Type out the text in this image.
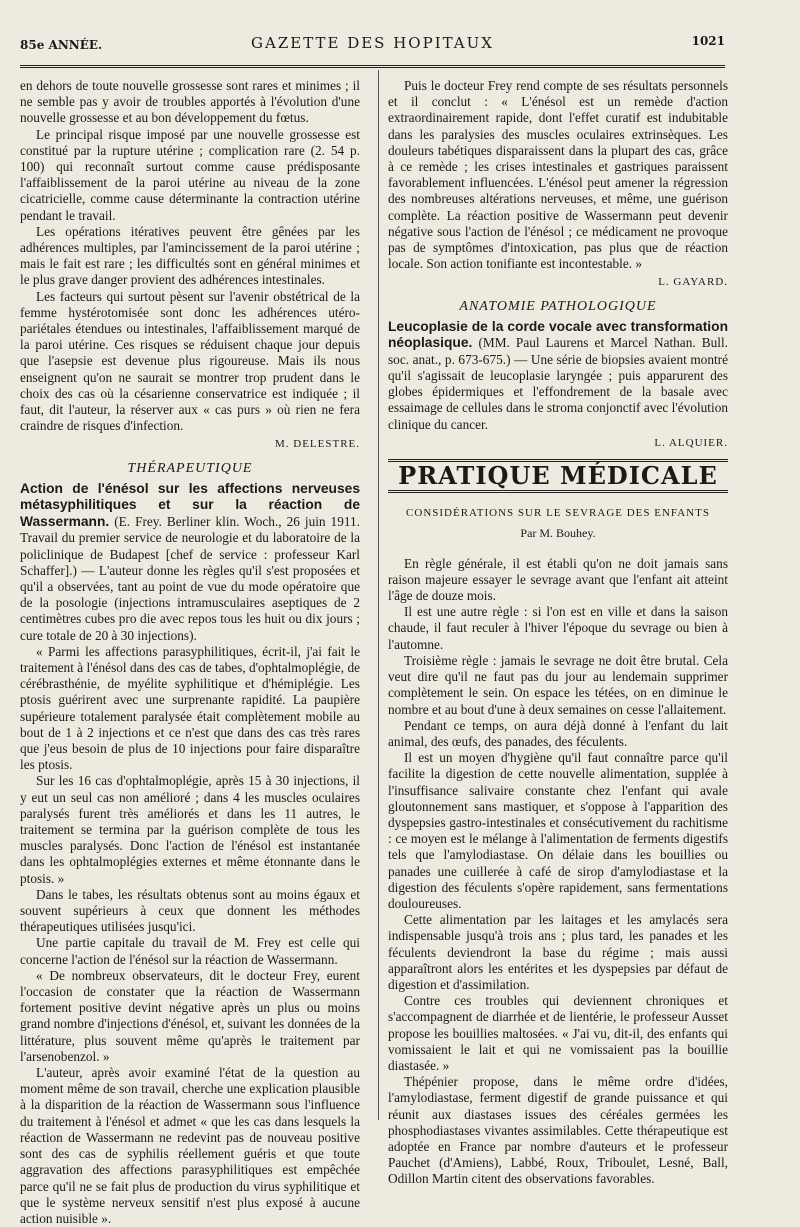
85e ANNÉE.	GAZETTE DES HOPITAUX	1021

en dehors de toute nouvelle grossesse sont rares et minimes ; il ne semble pas y avoir de troubles apportés à l'évolution d'une nouvelle grossesse et au bon développement du fœtus.

Le principal risque imposé par une nouvelle grossesse est constitué par la rupture utérine ; complication rare (2. 54 p. 100) qui reconnaît surtout comme cause prédisposante l'affaiblissement de la paroi utérine au niveau de la zone cicatricielle, comme cause déterminante la contraction utérine pendant le travail.

Les opérations itératives peuvent être gênées par les adhérences multiples, par l'amincissement de la paroi utérine ; mais le fait est rare ; les difficultés sont en général minimes et le plus grave danger provient des adhérences intestinales.

Les facteurs qui surtout pèsent sur l'avenir obstétrical de la femme hystérotomisée sont donc les adhérences utéro-pariétales étendues ou intestinales, l'affaiblissement marqué de la paroi utérine. Ces risques se réduisent chaque jour depuis que l'asepsie est devenue plus rigoureuse. Mais ils nous enseignent qu'on ne saurait se montrer trop prudent dans le choix des cas où la césarienne conservatrice est indiquée ; il faut, dit l'auteur, la réserver aux « cas purs » où rien ne fera craindre de risques d'infection.

M. DELESTRE.
THÉRAPEUTIQUE

Action de l'énésol sur les affections nerveuses métasyphilitiques et sur la réaction de Wassermann. (E. Frey. Berliner klin. Woch., 26 juin 1911. Travail du premier service de neurologie et du laboratoire de la policlinique de Budapest [chef de service : professeur Karl Schaffer].) — L'auteur donne les règles qu'il s'est proposées et qu'il a observées, tant au point de vue du mode opératoire que de la posologie (injections intramusculaires aseptiques de 2 centimètres cubes pro die avec repos tous les huit ou dix jours ; cure totale de 20 à 30 injections).

« Parmi les affections parasyphilitiques, écrit-il, j'ai fait le traitement à l'énésol dans des cas de tabes, d'ophtalmoplégie, de cérébrasthénie, de myélite syphilitique et d'hémiplégie. Les ptosis guérirent avec une surprenante rapidité. La paupière supérieure totalement paralysée était complètement mobile au bout de 1 à 2 injections et ce n'est que dans des cas très rares que j'eus besoin de plus de 10 injections pour faire disparaître les ptosis.

Sur les 16 cas d'ophtalmoplégie, après 15 à 30 injections, il y eut un seul cas non amélioré ; dans 4 les muscles oculaires paralysés furent très améliorés et dans les 11 autres, le traitement se termina par la guérison complète de tous les muscles paralysés. Donc l'action de l'énésol est instantanée dans les ophtalmoplégies externes et même étonnante dans le ptosis. »

Dans le tabes, les résultats obtenus sont au moins égaux et souvent supérieurs à ceux que donnent les méthodes thérapeutiques utilisées jusqu'ici.

Une partie capitale du travail de M. Frey est celle qui concerne l'action de l'énésol sur la réaction de Wassermann.

« De nombreux observateurs, dit le docteur Frey, eurent l'occasion de constater que la réaction de Wassermann fortement positive devint négative après un plus ou moins grand nombre d'injections d'énésol, et, suivant les données de la littérature, plus souvent même qu'après le traitement par l'arsenobenzol. »

L'auteur, après avoir examiné l'état de la question au moment même de son travail, cherche une explication plausible à la disparition de la réaction de Wassermann sous l'influence du traitement à l'énésol et admet « que les cas dans lesquels la réaction de Wassermann ne redevint pas de nouveau positive sont des cas de syphilis réellement guéris et que toute aggravation des affections parasyphilitiques est empêchée parce qu'il ne se fait plus de production du virus syphilitique et que le système nerveux sensitif n'est plus exposé à aucune action nuisible ».

Puis le docteur Frey rend compte de ses résultats personnels et il conclut : « L'énésol est un remède d'action extraordinairement rapide, dont l'effet curatif est indubitable dans les paralysies des muscles oculaires extrinsèques. Les douleurs tabétiques disparaissent dans la plupart des cas, grâce à ce remède ; les crises intestinales et gastriques paraissent favorablement influencées. L'énésol peut amener la régression des nombreuses altérations nerveuses, et même, une guérison complète. La réaction positive de Wassermann peut devenir négative sous l'action de l'énésol ; ce médicament ne provoque pas de symptômes d'intoxication, pas plus que de réaction locale. Son action tonifiante est incontestable. »

L. GAYARD.
ANATOMIE PATHOLOGIQUE

Leucoplasie de la corde vocale avec transformation néoplasique. (MM. Paul Laurens et Marcel Nathan. Bull. soc. anat., p. 673-675.) — Une série de biopsies avaient montré qu'il s'agissait de leucoplasie laryngée ; puis apparurent des globes épidermiques et l'effondrement de la basale avec essaimage de cellules dans le stroma conjonctif avec l'évolution clinique du cancer.

L. ALQUIER.
PRATIQUE MÉDICALE
CONSIDÉRATIONS SUR LE SEVRAGE DES ENFANTS
Par M. Bouhey.

En règle générale, il est établi qu'on ne doit jamais sans raison majeure essayer le sevrage avant que l'enfant ait atteint l'âge de douze mois.

Il est une autre règle : si l'on est en ville et dans la saison chaude, il faut reculer à l'hiver l'époque du sevrage ou bien à l'automne.

Troisième règle : jamais le sevrage ne doit être brutal. Cela veut dire qu'il ne faut pas du jour au lendemain supprimer complètement le sein. On espace les tétées, on en diminue le nombre et au bout d'une à deux semaines on cesse l'allaitement.

Pendant ce temps, on aura déjà donné à l'enfant du lait animal, des œufs, des panades, des féculents.

Il est un moyen d'hygiène qu'il faut connaître parce qu'il facilite la digestion de cette nouvelle alimentation, supplée à l'insuffisance salivaire constante chez l'enfant qui avale gloutonnement sans mastiquer, et s'oppose à l'apparition des dyspepsies gastro-intestinales et consécutivement du rachitisme : ce moyen est le mélange à l'alimentation de ferments digestifs tels que l'amylodiastase. On délaie dans les bouillies ou panades une cuillerée à café de sirop d'amylodiastase et la digestion des féculents s'opère rapidement, sans fermentations douloureuses.

Cette alimentation par les laitages et les amylacés sera indispensable jusqu'à trois ans ; plus tard, les panades et les féculents deviendront la base du régime ; mais aussi apparaîtront alors les entérites et les dyspepsies par défaut de digestion et d'assimilation.

Contre ces troubles qui deviennent chroniques et s'accompagnent de diarrhée et de lientérie, le professeur Ausset propose les bouillies maltosées. « J'ai vu, dit-il, des enfants qui vomissaient le lait et qui ne vomissaient pas la bouillie diastasée. »

Thépénier propose, dans le même ordre d'idées, l'amylodiastase, ferment digestif de grande puissance et qui réunit aux diastases issues des céréales germées les phosphodiastases vivantes assimilables. Cette thérapeutique est adoptée en France par nombre d'auteurs et le professeur Pauchet (d'Amiens), Labbé, Roux, Triboulet, Lesné, Ball, Odillon Martin citent des observations favorables.
